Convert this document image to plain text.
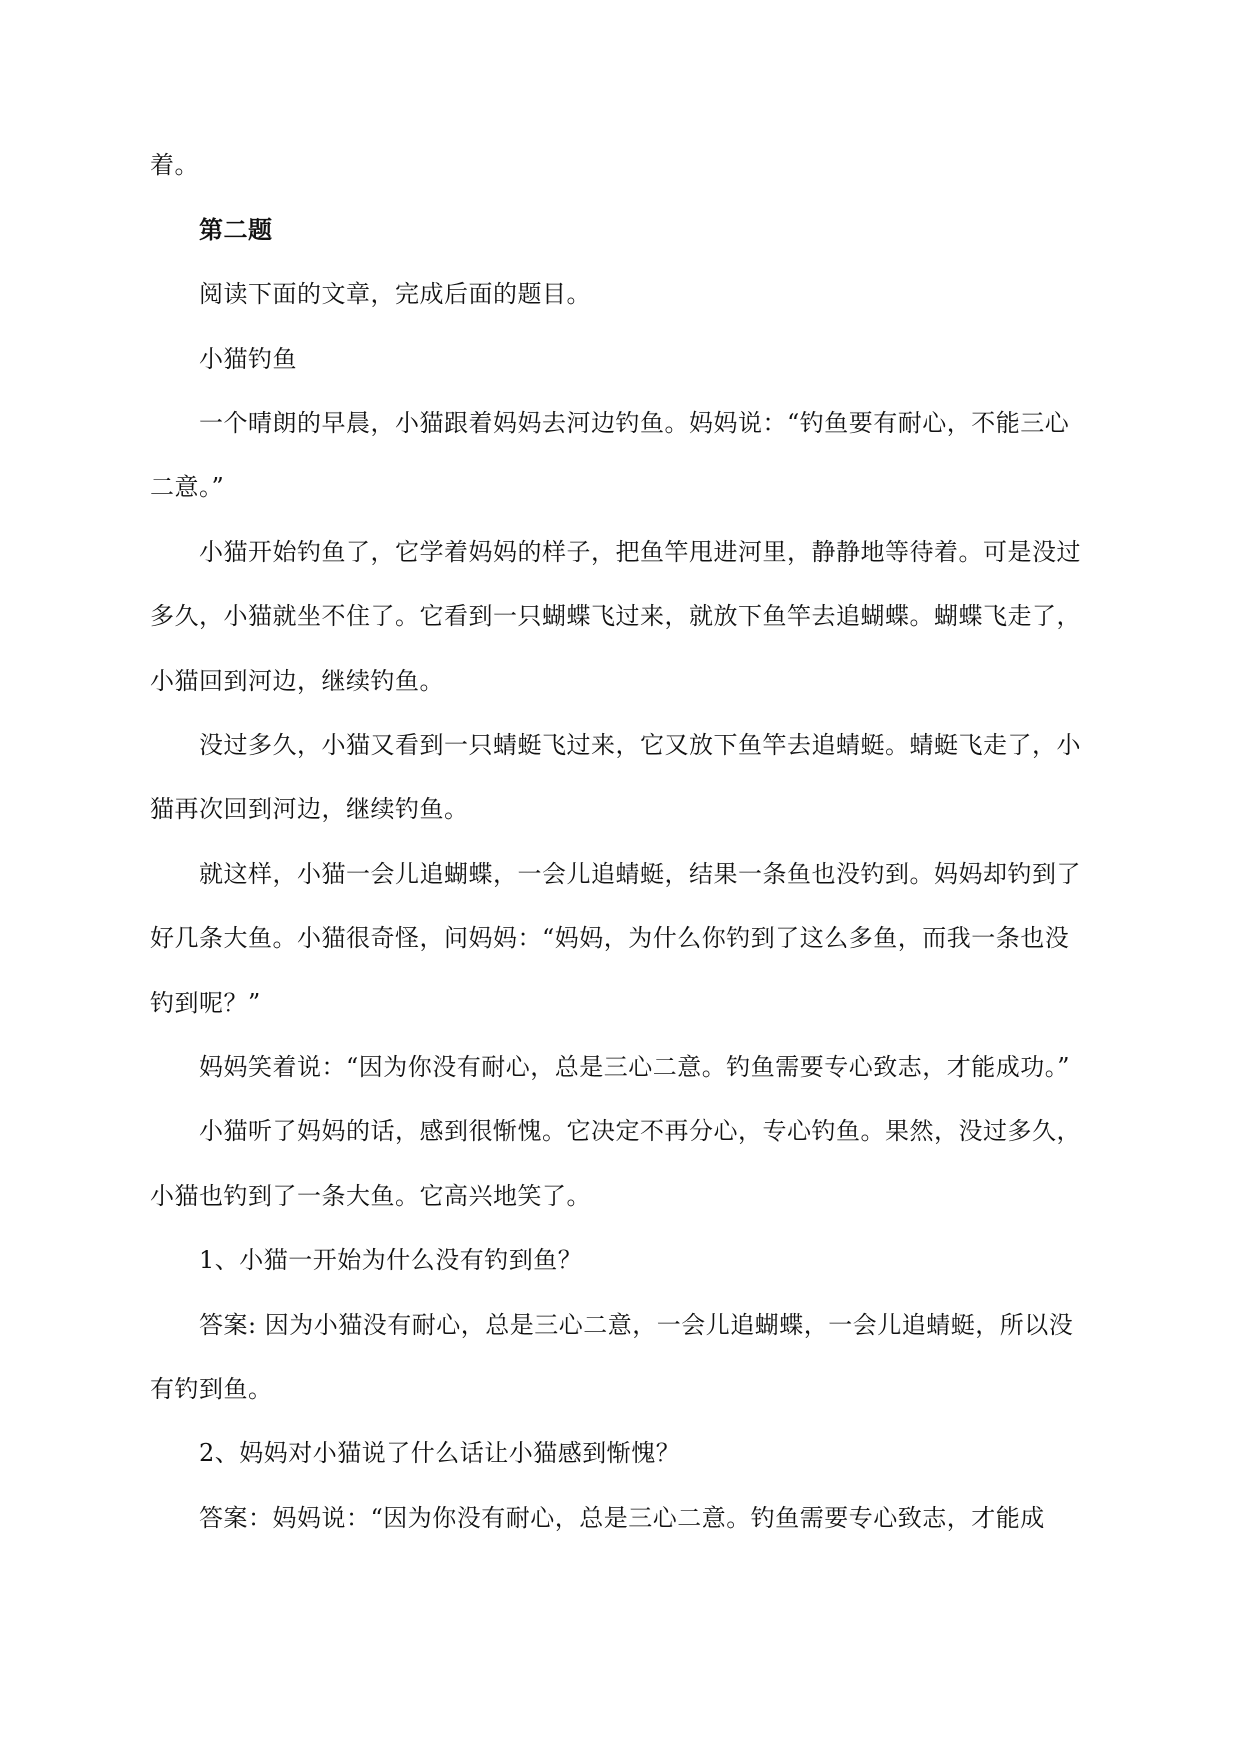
着。

第二题

阅读下面的文章，完成后面的题目。

小猫钓鱼

一个晴朗的早晨，小猫跟着妈妈去河边钓鱼。妈妈说：“钓鱼要有耐心，不能三心

二意。”

小猫开始钓鱼了，它学着妈妈的样子，把鱼竿甩进河里，静静地等待着。可是没过

多久，小猫就坐不住了。它看到一只蝴蝶飞过来，就放下鱼竿去追蝴蝶。蝴蝶飞走了，

小猫回到河边，继续钓鱼。

没过多久，小猫又看到一只蜻蜓飞过来，它又放下鱼竿去追蜻蜓。蜻蜓飞走了，小

猫再次回到河边，继续钓鱼。

就这样，小猫一会儿追蝴蝶，一会儿追蜻蜓，结果一条鱼也没钓到。妈妈却钓到了

好几条大鱼。小猫很奇怪，问妈妈：“妈妈，为什么你钓到了这么多鱼，而我一条也没

钓到呢？”

妈妈笑着说：“因为你没有耐心，总是三心二意。钓鱼需要专心致志，才能成功。”

小猫听了妈妈的话，感到很惭愧。它决定不再分心，专心钓鱼。果然，没过多久，

小猫也钓到了一条大鱼。它高兴地笑了。

1、小猫一开始为什么没有钓到鱼？

答案: 因为小猫没有耐心，总是三心二意，一会儿追蝴蝶，一会儿追蜻蜓，所以没

有钓到鱼。

2、妈妈对小猫说了什么话让小猫感到惭愧？

答案：妈妈说：“因为你没有耐心，总是三心二意。钓鱼需要专心致志，才能成
